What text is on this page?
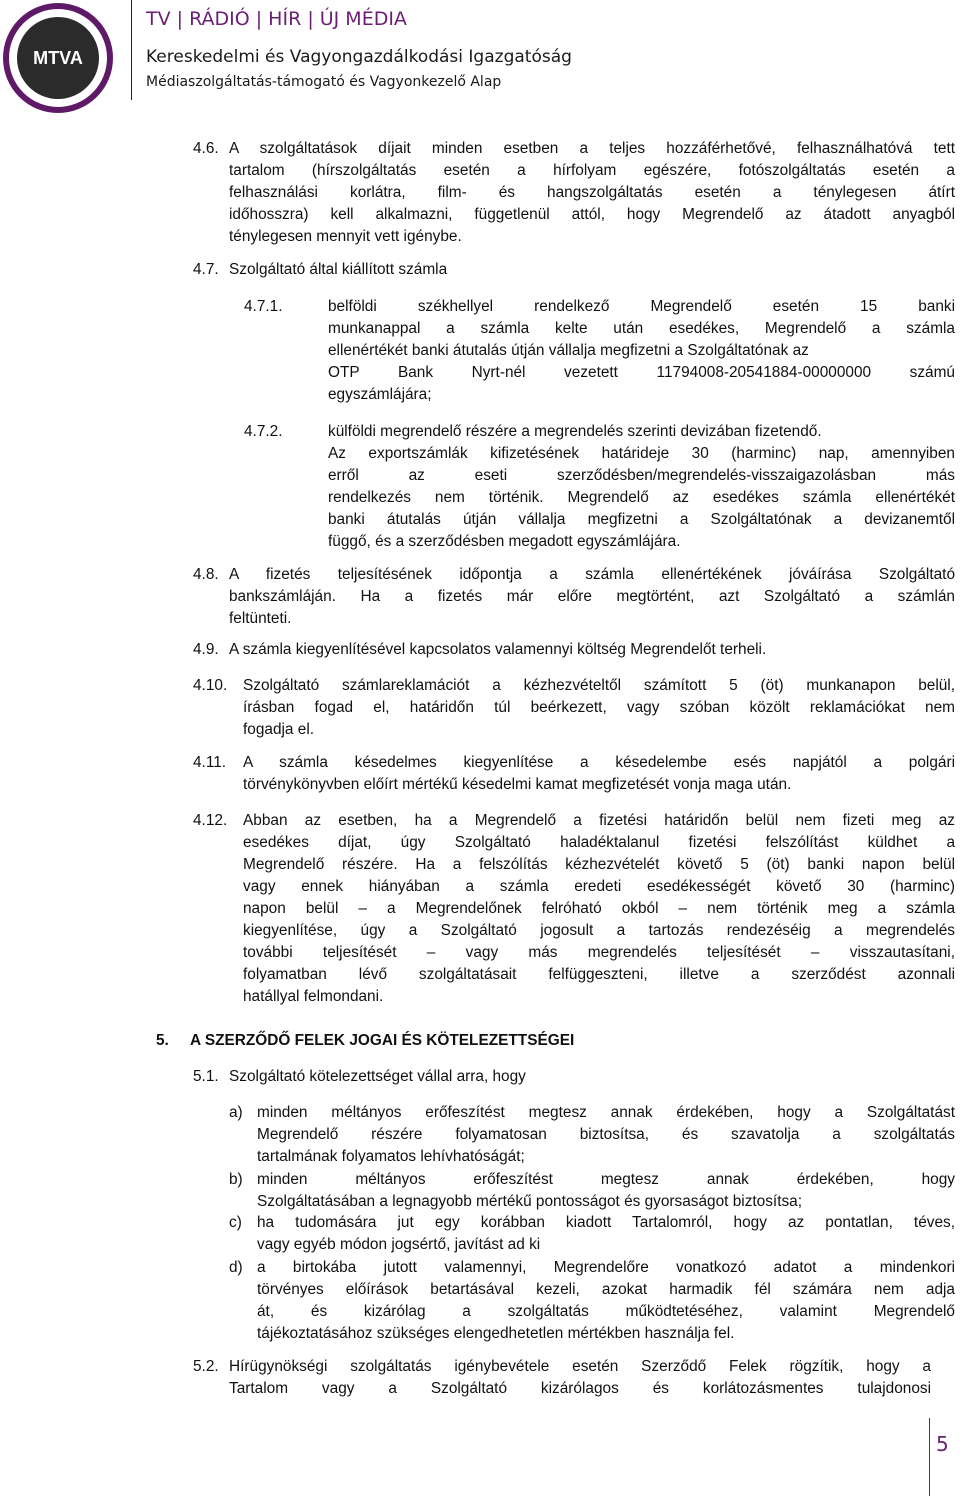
MTVA
TV | RÁDIÓ | HÍR | ÚJ MÉDIA
Kereskedelmi és Vagyongazdálkodási Igazgatóság
Médiaszolgáltatás-támogató és Vagyonkezelő Alap
4.6. A szolgáltatások díjait minden esetben a teljes hozzáférhetővé, felhasználhatóvá tett
tartalom (hírszolgáltatás esetén a hírfolyam egészére, fotószolgáltatás esetén a
felhasználási korlátra, film- és hangszolgáltatás esetén a ténylegesen átírt
időhosszra) kell alkalmazni, függetlenül attól, hogy Megrendelő az átadott anyagból
ténylegesen mennyit vett igénybe.
4.7. Szolgáltató által kiállított számla
4.7.1.	belföldi székhellyel rendelkező Megrendelő esetén 15 banki
munkanappal a számla kelte után esedékes, Megrendelő a számla
ellenértékét banki átutalás útján vállalja megfizetni a Szolgáltatónak az
OTP Bank Nyrt-nél vezetett 11794008-20541884-00000000 számú
egyszámlájára;
4.7.2.	külföldi megrendelő részére a megrendelés szerinti devizában fizetendő.
Az exportszámlák kifizetésének határideje 30 (harminc) nap, amennyiben
erről az eseti szerződésben/megrendelés-visszaigazolásban más
rendelkezés nem történik. Megrendelő az esedékes számla ellenértékét
banki átutalás útján vállalja megfizetni a Szolgáltatónak a devizanemtől
függő, és a szerződésben megadott egyszámlájára.
4.8. A fizetés teljesítésének időpontja a számla ellenértékének jóváírása Szolgáltató
bankszámláján. Ha a fizetés már előre megtörtént, azt Szolgáltató a számlán
feltünteti.
4.9. A számla kiegyenlítésével kapcsolatos valamennyi költség Megrendelőt terheli.
4.10. Szolgáltató számlareklamációt a kézhezvételtől számított 5 (öt) munkanapon belül,
írásban fogad el, határidőn túl beérkezett, vagy szóban közölt reklamációkat nem
fogadja el.
4.11. A számla késedelmes kiegyenlítése a késedelembe esés napjától a polgári
törvénykönyvben előírt mértékű késedelmi kamat megfizetését vonja maga után.
4.12. Abban az esetben, ha a Megrendelő a fizetési határidőn belül nem fizeti meg az
esedékes díjat, úgy Szolgáltató haladéktalanul fizetési felszólítást küldhet a
Megrendelő részére. Ha a felszólítás kézhezvételét követő 5 (öt) banki napon belül
vagy ennek hiányában a számla eredeti esedékességét követő 30 (harminc)
napon belül – a Megrendelőnek felróható okból – nem történik meg a számla
kiegyenlítése, úgy a Szolgáltató jogosult a tartozás rendezéséig a megrendelés
további teljesítését – vagy más megrendelés teljesítését – visszautasítani,
folyamatban lévő szolgáltatásait felfüggeszteni, illetve a szerződést azonnali
hatállyal felmondani.
5. A SZERZŐDŐ FELEK JOGAI ÉS KÖTELEZETTSÉGEI
5.1. Szolgáltató kötelezettséget vállal arra, hogy
a) minden méltányos erőfeszítést megtesz annak érdekében, hogy a Szolgáltatást
Megrendelő részére folyamatosan biztosítsa, és szavatolja a szolgáltatás
tartalmának folyamatos lehívhatóságát;
b) minden méltányos erőfeszítést megtesz annak érdekében, hogy
Szolgáltatásában a legnagyobb mértékű pontosságot és gyorsaságot biztosítsa;
c) ha tudomására jut egy korábban kiadott Tartalomról, hogy az pontatlan, téves,
vagy egyéb módon jogsértő, javítást ad ki
d) a birtokába jutott valamennyi, Megrendelőre vonatkozó adatot a mindenkori
törvényes előírások betartásával kezeli, azokat harmadik fél számára nem adja
át, és kizárólag a szolgáltatás működtetéséhez, valamint Megrendelő
tájékoztatásához szükséges elengedhetetlen mértékben használja fel.
5.2. Hírügynökségi szolgáltatás igénybevétele esetén Szerződő Felek rögzítik, hogy a
Tartalom vagy a Szolgáltató kizárólagos és korlátozásmentes tulajdonosi
5
